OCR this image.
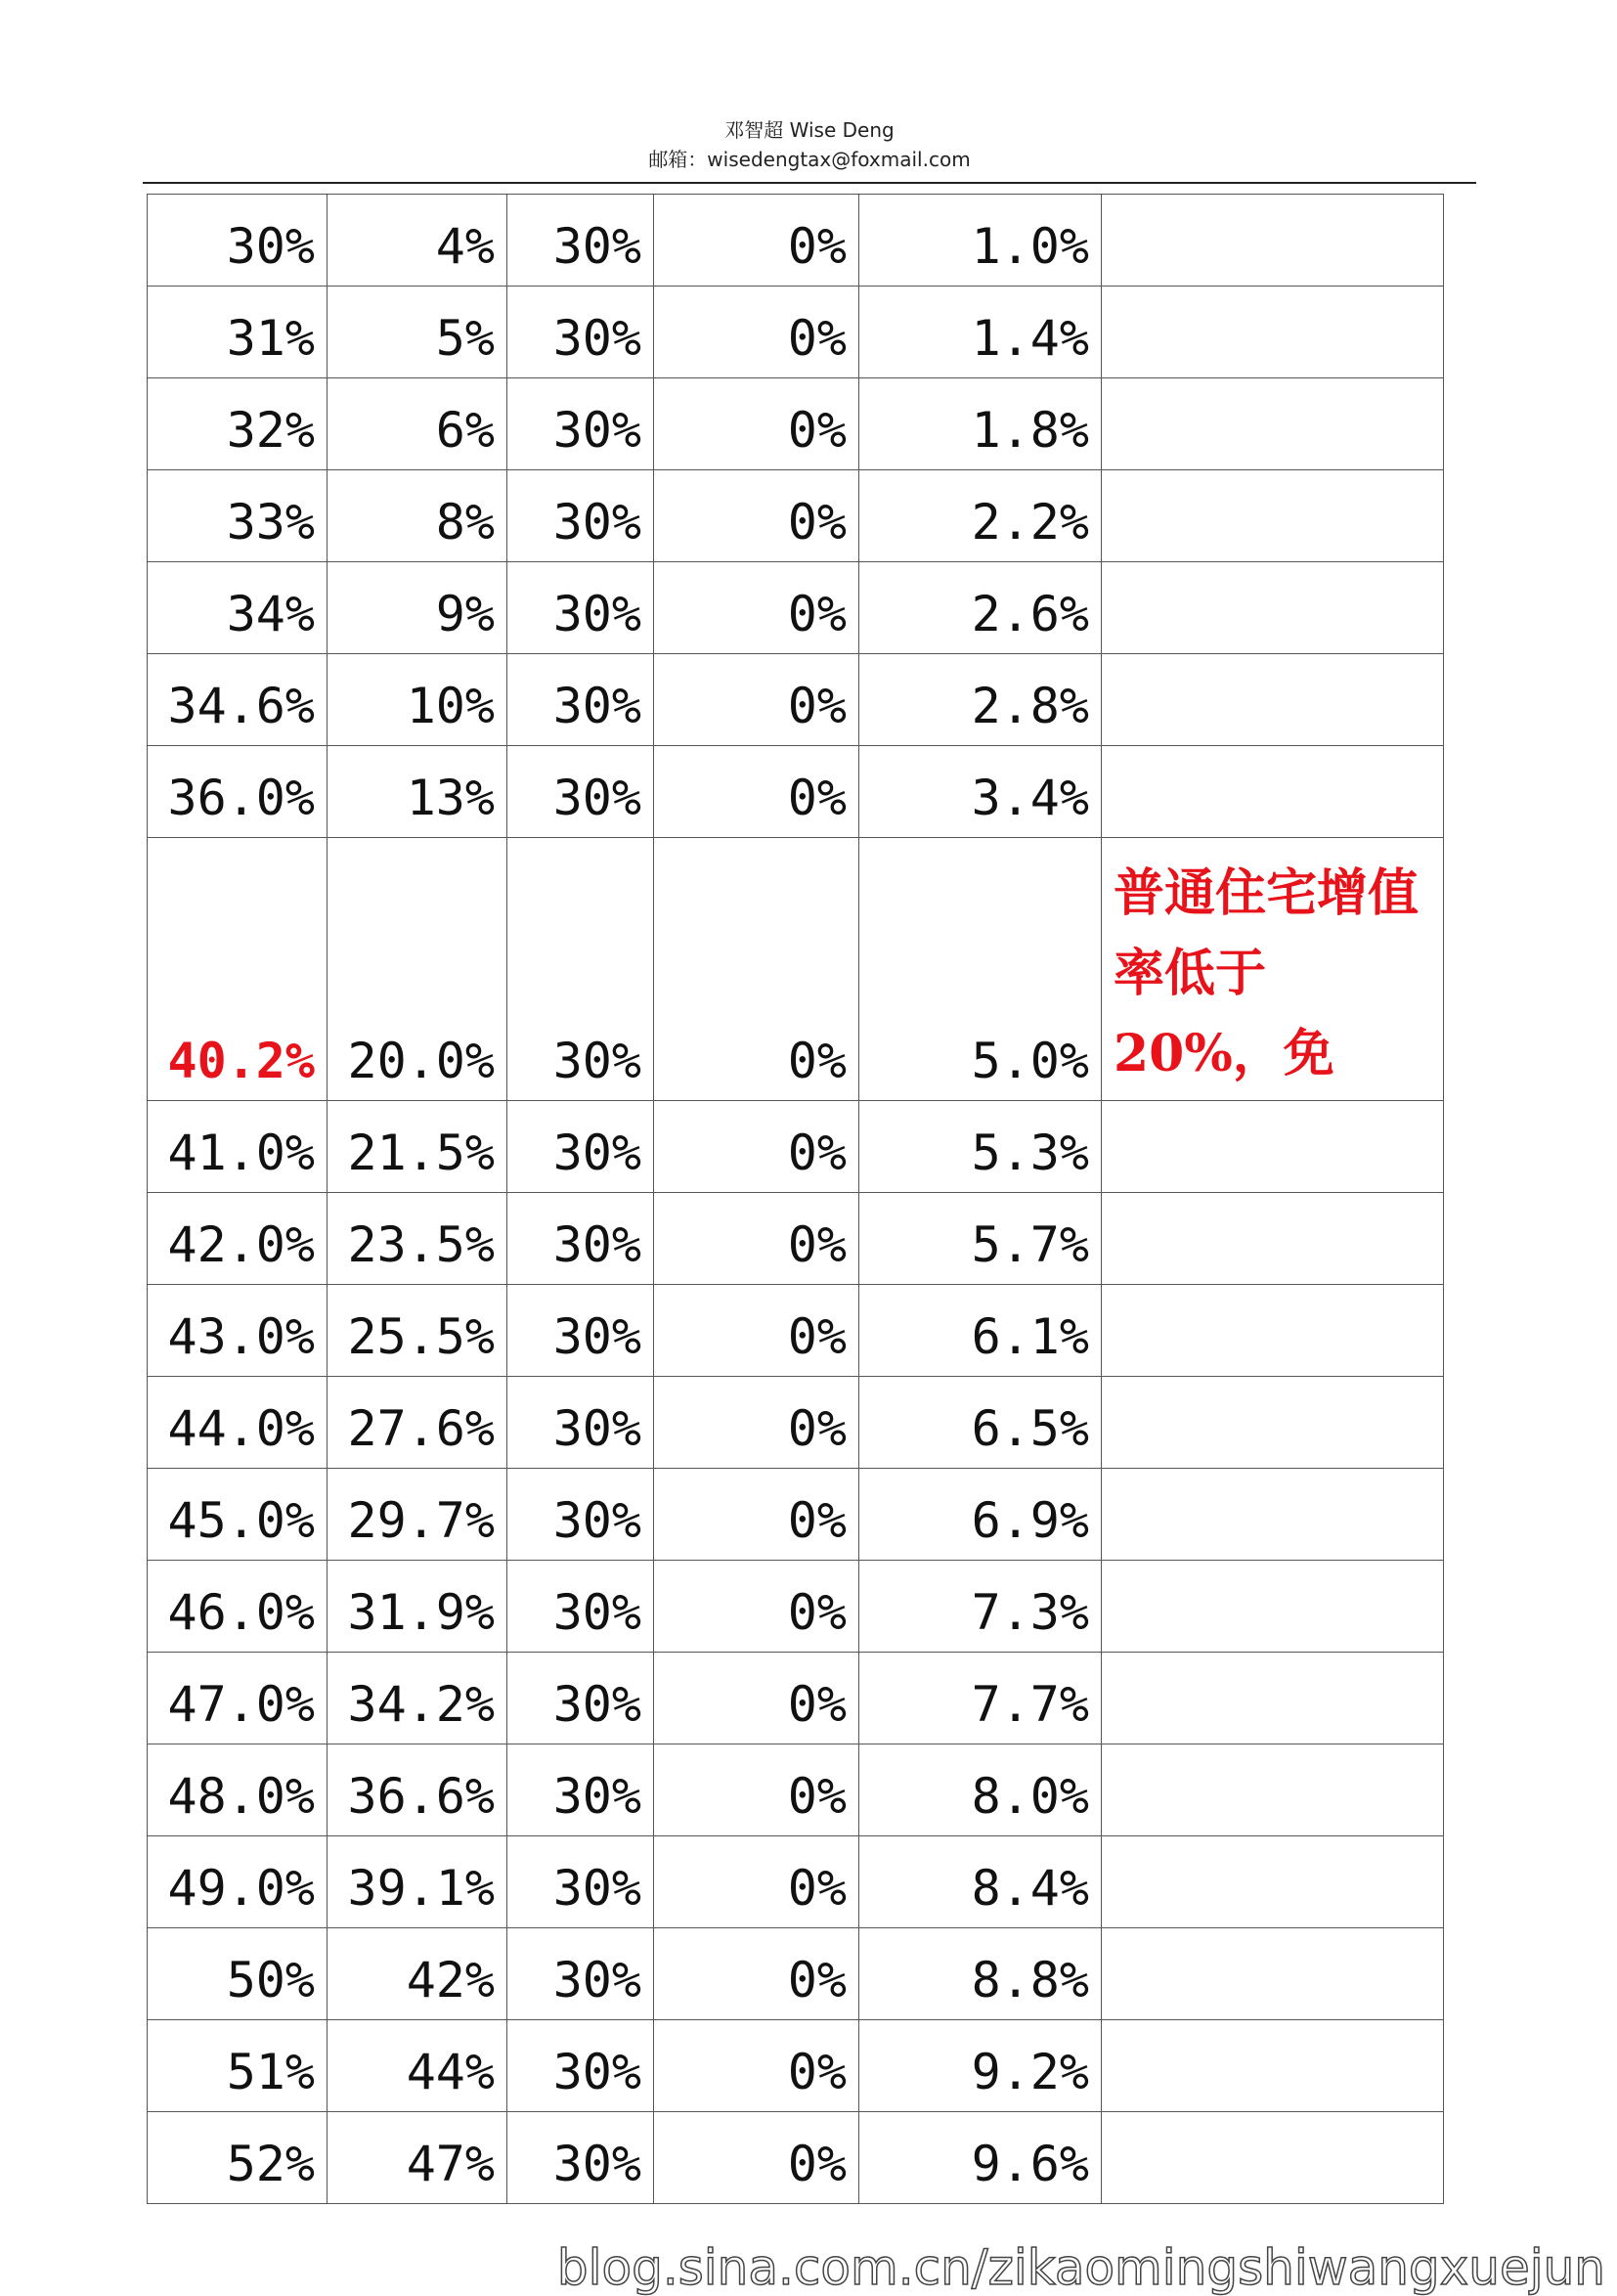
邓智超 Wise Deng
邮箱：wisedengtax@foxmail.com
30%	4%	30%	0%	1.0%	
31%	5%	30%	0%	1.4%	
32%	6%	30%	0%	1.8%	
33%	8%	30%	0%	2.2%	
34%	9%	30%	0%	2.6%	
34.6%	10%	30%	0%	2.8%	
36.0%	13%	30%	0%	3.4%	
40.2%	20.0%	30%	0%	5.0%	普通住宅增值率低于20%，免

41.0%	21.5%	30%	0%	5.3%	
42.0%	23.5%	30%	0%	5.7%	
43.0%	25.5%	30%	0%	6.1%	
44.0%	27.6%	30%	0%	6.5%	
45.0%	29.7%	30%	0%	6.9%	
46.0%	31.9%	30%	0%	7.3%	
47.0%	34.2%	30%	0%	7.7%	
48.0%	36.6%	30%	0%	8.0%	
49.0%	39.1%	30%	0%	8.4%	
50%	42%	30%	0%	8.8%	
51%	44%	30%	0%	9.2%	
52%	47%	30%	0%	9.6%	
blog.sina.com.cn/zikaomingshiwangxuejun
